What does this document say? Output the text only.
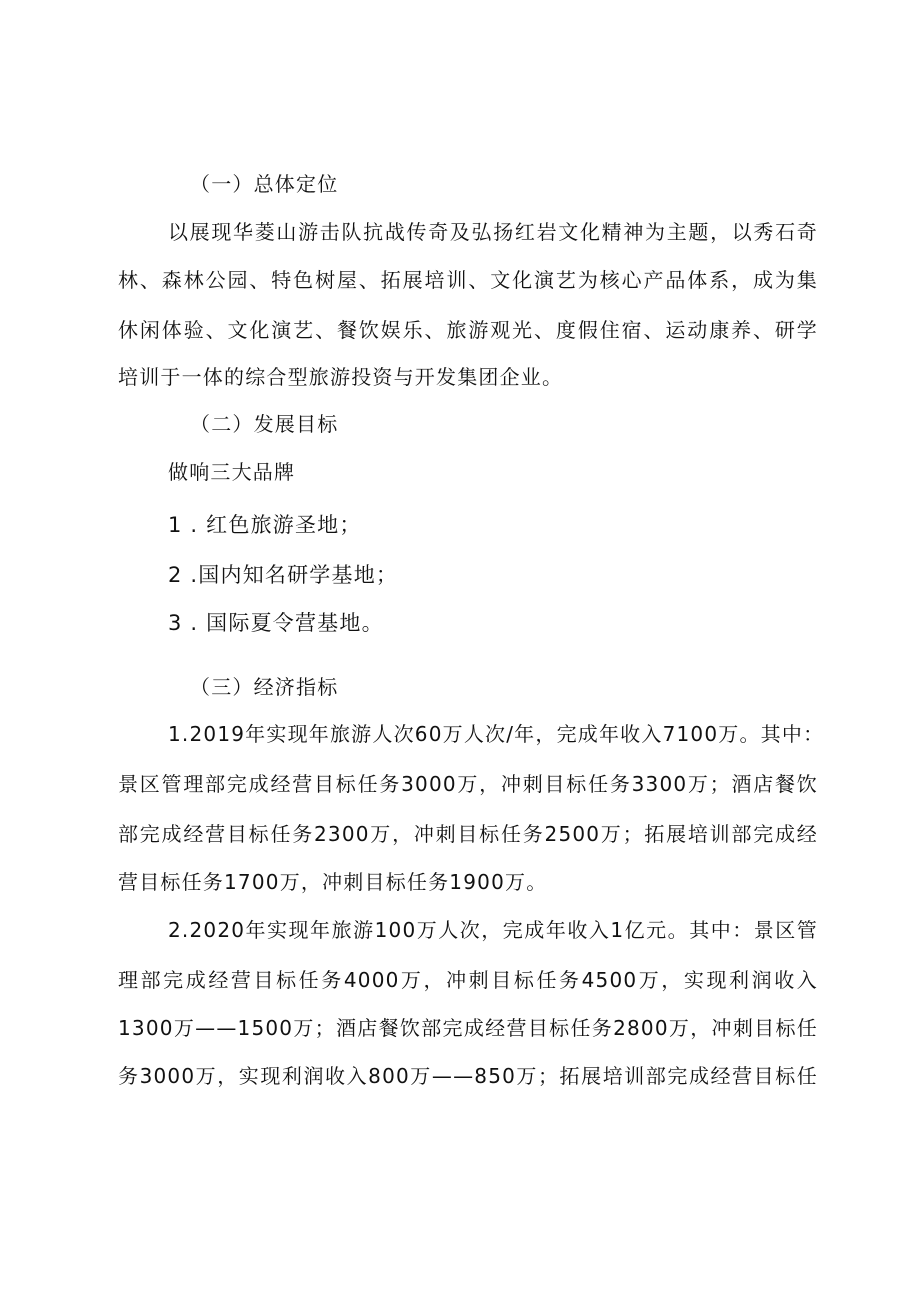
（一）总体定位
以展现华菱山游击队抗战传奇及弘扬红岩文化精神为主题，以秀石奇
林、森林公园、特色树屋、拓展培训、文化演艺为核心产品体系，成为集
休闲体验、文化演艺、餐饮娱乐、旅游观光、度假住宿、运动康养、研学
培训于一体的综合型旅游投资与开发集团企业。
（二）发展目标
做响三大品牌
1 . 红色旅游圣地；
2 .国内知名研学基地；
3 . 国际夏令营基地。
（三）经济指标
1.2019年实现年旅游人次60万人次/年，完成年收入7100万。其中：
景区管理部完成经营目标任务3000万，冲刺目标任务3300万；酒店餐饮
部完成经营目标任务2300万，冲刺目标任务2500万；拓展培训部完成经
营目标任务1700万，冲刺目标任务1900万。
2.2020年实现年旅游100万人次，完成年收入1亿元。其中：景区管
理部完成经营目标任务4000万，冲刺目标任务4500万，实现利润收入
1300万——1500万；酒店餐饮部完成经营目标任务2800万，冲刺目标任
务3000万，实现利润收入800万——850万；拓展培训部完成经营目标任
